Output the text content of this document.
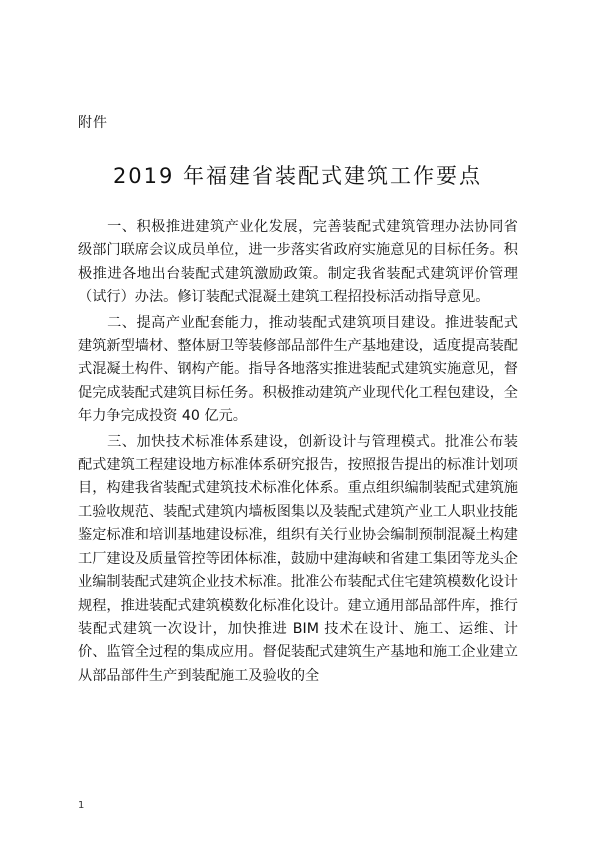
附件
2019 年福建省装配式建筑工作要点

一、积极推进建筑产业化发展，完善装配式建筑管理办法协同省级部门联席会议成员单位，进一步落实省政府实施意见的目标任务。积极推进各地出台装配式建筑激励政策。制定我省装配式建筑评价管理（试行）办法。修订装配式混凝土建筑工程招投标活动指导意见。

二、提高产业配套能力，推动装配式建筑项目建设。推进装配式建筑新型墙材、整体厨卫等装修部品部件生产基地建设，适度提高装配式混凝土构件、钢构产能。指导各地落实推进装配式建筑实施意见，督促完成装配式建筑目标任务。积极推动建筑产业现代化工程包建设，全年力争完成投资 40 亿元。

三、加快技术标准体系建设，创新设计与管理模式。批准公布装配式建筑工程建设地方标准体系研究报告，按照报告提出的标准计划项目，构建我省装配式建筑技术标准化体系。重点组织编制装配式建筑施工验收规范、装配式建筑内墙板图集以及装配式建筑产业工人职业技能鉴定标准和培训基地建设标准，组织有关行业协会编制预制混凝土构建工厂建设及质量管控等团体标准，鼓励中建海峡和省建工集团等龙头企业编制装配式建筑企业技术标准。批准公布装配式住宅建筑模数化设计规程，推进装配式建筑模数化标准化设计。建立通用部品部件库，推行装配式建筑一次设计，加快推进 BIM 技术在设计、施工、运维、计价、监管全过程的集成应用。督促装配式建筑生产基地和施工企业建立从部品部件生产到装配施工及验收的全

1
